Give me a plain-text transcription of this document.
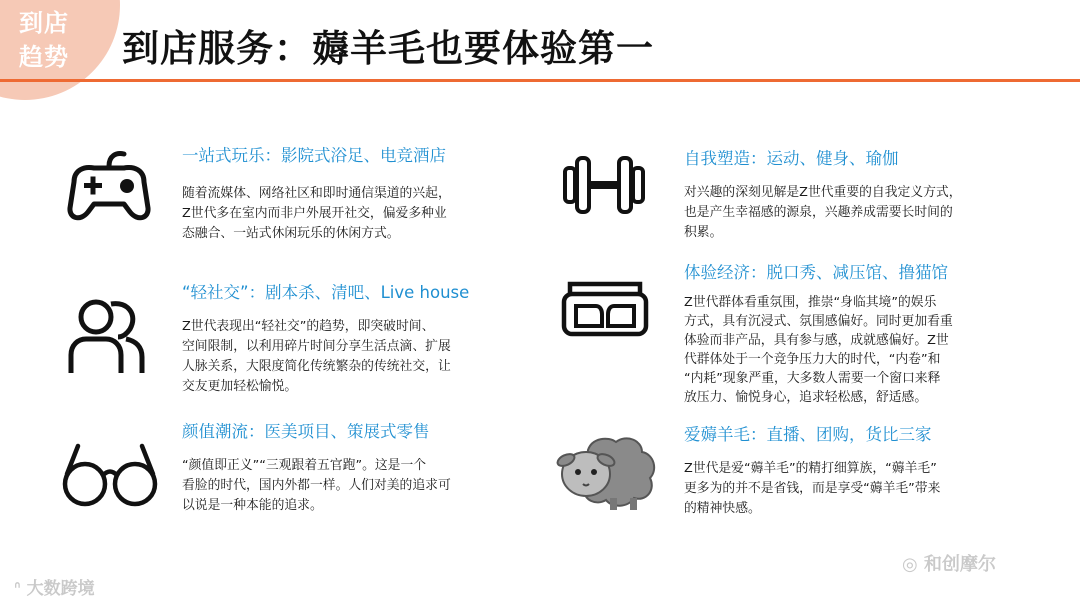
到店
趋势 到店服务：薅羊毛也要体验第一
一站式玩乐：影院式浴足、电竞酒店
随着流媒体、网络社区和即时通信渠道的兴起，
Z世代多在室内而非户外展开社交，偏爱多种业
态融合、一站式休闲玩乐的休闲方式。
“轻社交”：剧本杀、清吧、Live house
Z世代表现出“轻社交”的趋势，即突破时间、
空间限制，以利用碎片时间分享生活点滴、扩展
人脉关系，大限度简化传统繁杂的传统社交，让
交友更加轻松愉悦。
颜值潮流：医美项目、策展式零售
“颜值即正义”“三观跟着五官跑”。这是一个
看脸的时代，国内外都一样。人们对美的追求可
以说是一种本能的追求。
自我塑造：运动、健身、瑜伽
对兴趣的深刻见解是Z世代重要的自我定义方式，
也是产生幸福感的源泉，兴趣养成需要长时间的
积累。
体验经济：脱口秀、减压馆、撸猫馆
Z世代群体看重氛围，推崇“身临其境”的娱乐
方式，具有沉浸式、氛围感偏好。同时更加看重
体验而非产品，具有参与感，成就感偏好。Z世
代群体处于一个竞争压力大的时代，“内卷”和
“内耗”现象严重，大多数人需要一个窗口来释
放压力、愉悦身心，追求轻松感，舒适感。
爱薅羊毛：直播、团购，货比三家
Z世代是爱“薅羊毛”的精打细算族，“薅羊毛”
更多为的并不是省钱，而是享受“薅羊毛”带来
的精神快感。
ᐢ 大数跨境
◎ 和创摩尔
